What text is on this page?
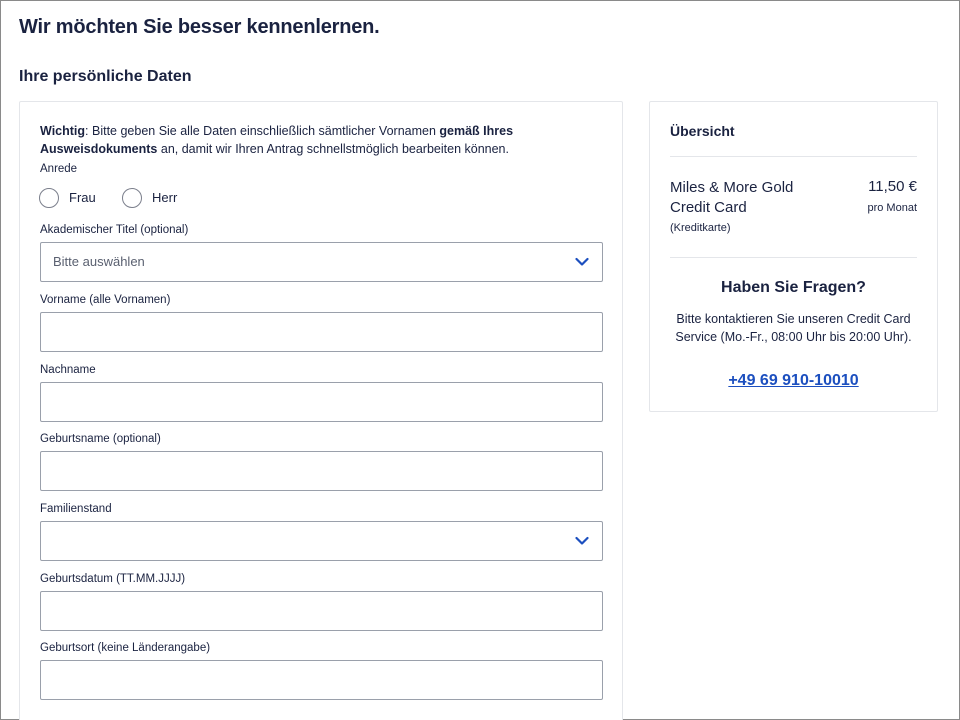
Wir möchten Sie besser kennenlernen.
Ihre persönliche Daten

Wichtig: Bitte geben Sie alle Daten einschließlich sämtlicher Vornamen gemäß Ihres Ausweisdokuments an, damit wir Ihren Antrag schnellstmöglich bearbeiten können.

Anrede
Frau	Herr
Akademischer Titel (optional)
Bitte auswählen
Vorname (alle Vornamen)
Nachname
Geburtsname (optional)
Familienstand
Geburtsdatum (TT.MM.JJJJ)
Geburtsort (keine Länderangabe)
Übersicht
Miles & More Gold Credit Card
(Kreditkarte)
11,50 €
pro Monat
Haben Sie Fragen?
Bitte kontaktieren Sie unseren Credit Card Service (Mo.-Fr., 08:00 Uhr bis 20:00 Uhr).
+49 69 910-10010
